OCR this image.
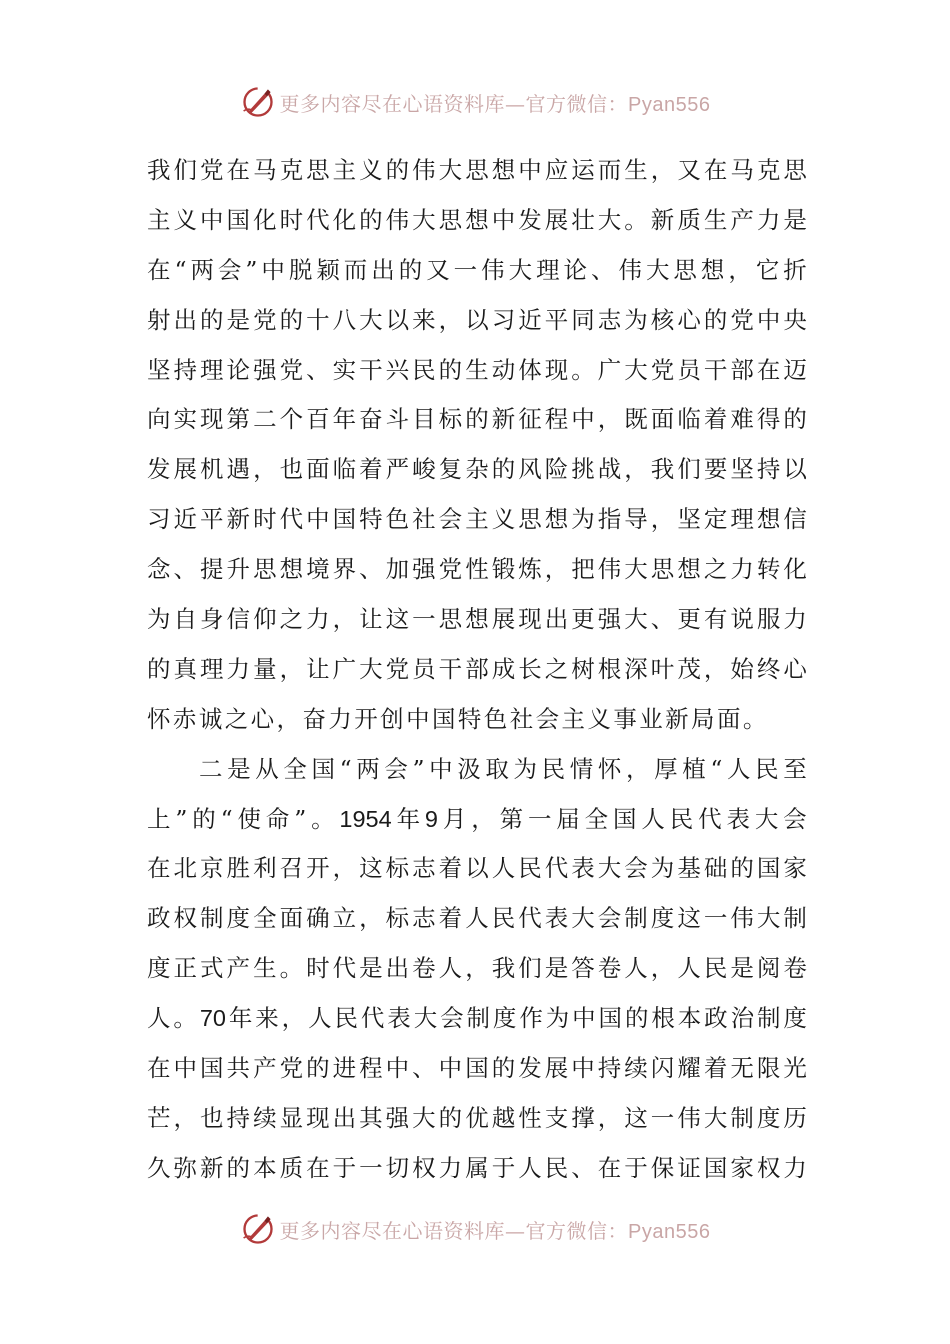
更多内容尽在心语资料库—官方微信：Pyan556
我 们 党 在 马 克 思 主 义 的 伟 大 思 想 中 应 运 而 生 ， 又 在 马 克 思
主 义 中 国 化 时 代 化 的 伟 大 思 想 中 发 展 壮 大 。 新 质 生 产 力 是
在 “ 两 会 ” 中 脱 颖 而 出 的 又 一 伟 大 理 论 、 伟 大 思 想 ， 它 折
射 出 的 是 党 的 十 八 大 以 来 ， 以 习 近 平 同 志 为 核 心 的 党 中 央
坚 持 理 论 强 党 、 实 干 兴 民 的 生 动 体 现 。 广 大 党 员 干 部 在 迈
向 实 现 第 二 个 百 年 奋 斗 目 标 的 新 征 程 中 ， 既 面 临 着 难 得 的
发 展 机 遇 ， 也 面 临 着 严 峻 复 杂 的 风 险 挑 战 ， 我 们 要 坚 持 以
习 近 平 新 时 代 中 国 特 色 社 会 主 义 思 想 为 指 导 ， 坚 定 理 想 信
念 、 提 升 思 想 境 界 、 加 强 党 性 锻 炼 ， 把 伟 大 思 想 之 力 转 化
为 自 身 信 仰 之 力 ， 让 这 一 思 想 展 现 出 更 强 大 、 更 有 说 服 力
的 真 理 力 量 ， 让 广 大 党 员 干 部 成 长 之 树 根 深 叶 茂 ， 始 终 心
怀 赤 诚 之 心 ， 奋 力 开 创 中 国 特 色 社 会 主 义 事 业 新 局 面 。
二 是 从 全 国 “ 两 会 ” 中 汲 取 为 民 情 怀 ， 厚 植 “ 人 民 至
上 ” 的 “ 使 命 ” 。 1954 年 9 月 ， 第 一 届 全 国 人 民 代 表 大 会
在 北 京 胜 利 召 开 ， 这 标 志 着 以 人 民 代 表 大 会 为 基 础 的 国 家
政 权 制 度 全 面 确 立 ， 标 志 着 人 民 代 表 大 会 制 度 这 一 伟 大 制
度 正 式 产 生 。 时 代 是 出 卷 人 ， 我 们 是 答 卷 人 ， 人 民 是 阅 卷
人 。 70 年 来 ， 人 民 代 表 大 会 制 度 作 为 中 国 的 根 本 政 治 制 度
在 中 国 共 产 党 的 进 程 中 、 中 国 的 发 展 中 持 续 闪 耀 着 无 限 光
芒 ， 也 持 续 显 现 出 其 强 大 的 优 越 性 支 撑 ， 这 一 伟 大 制 度 历
久 弥 新 的 本 质 在 于 一 切 权 力 属 于 人 民 、 在 于 保 证 国 家 权 力
更多内容尽在心语资料库—官方微信：Pyan556
